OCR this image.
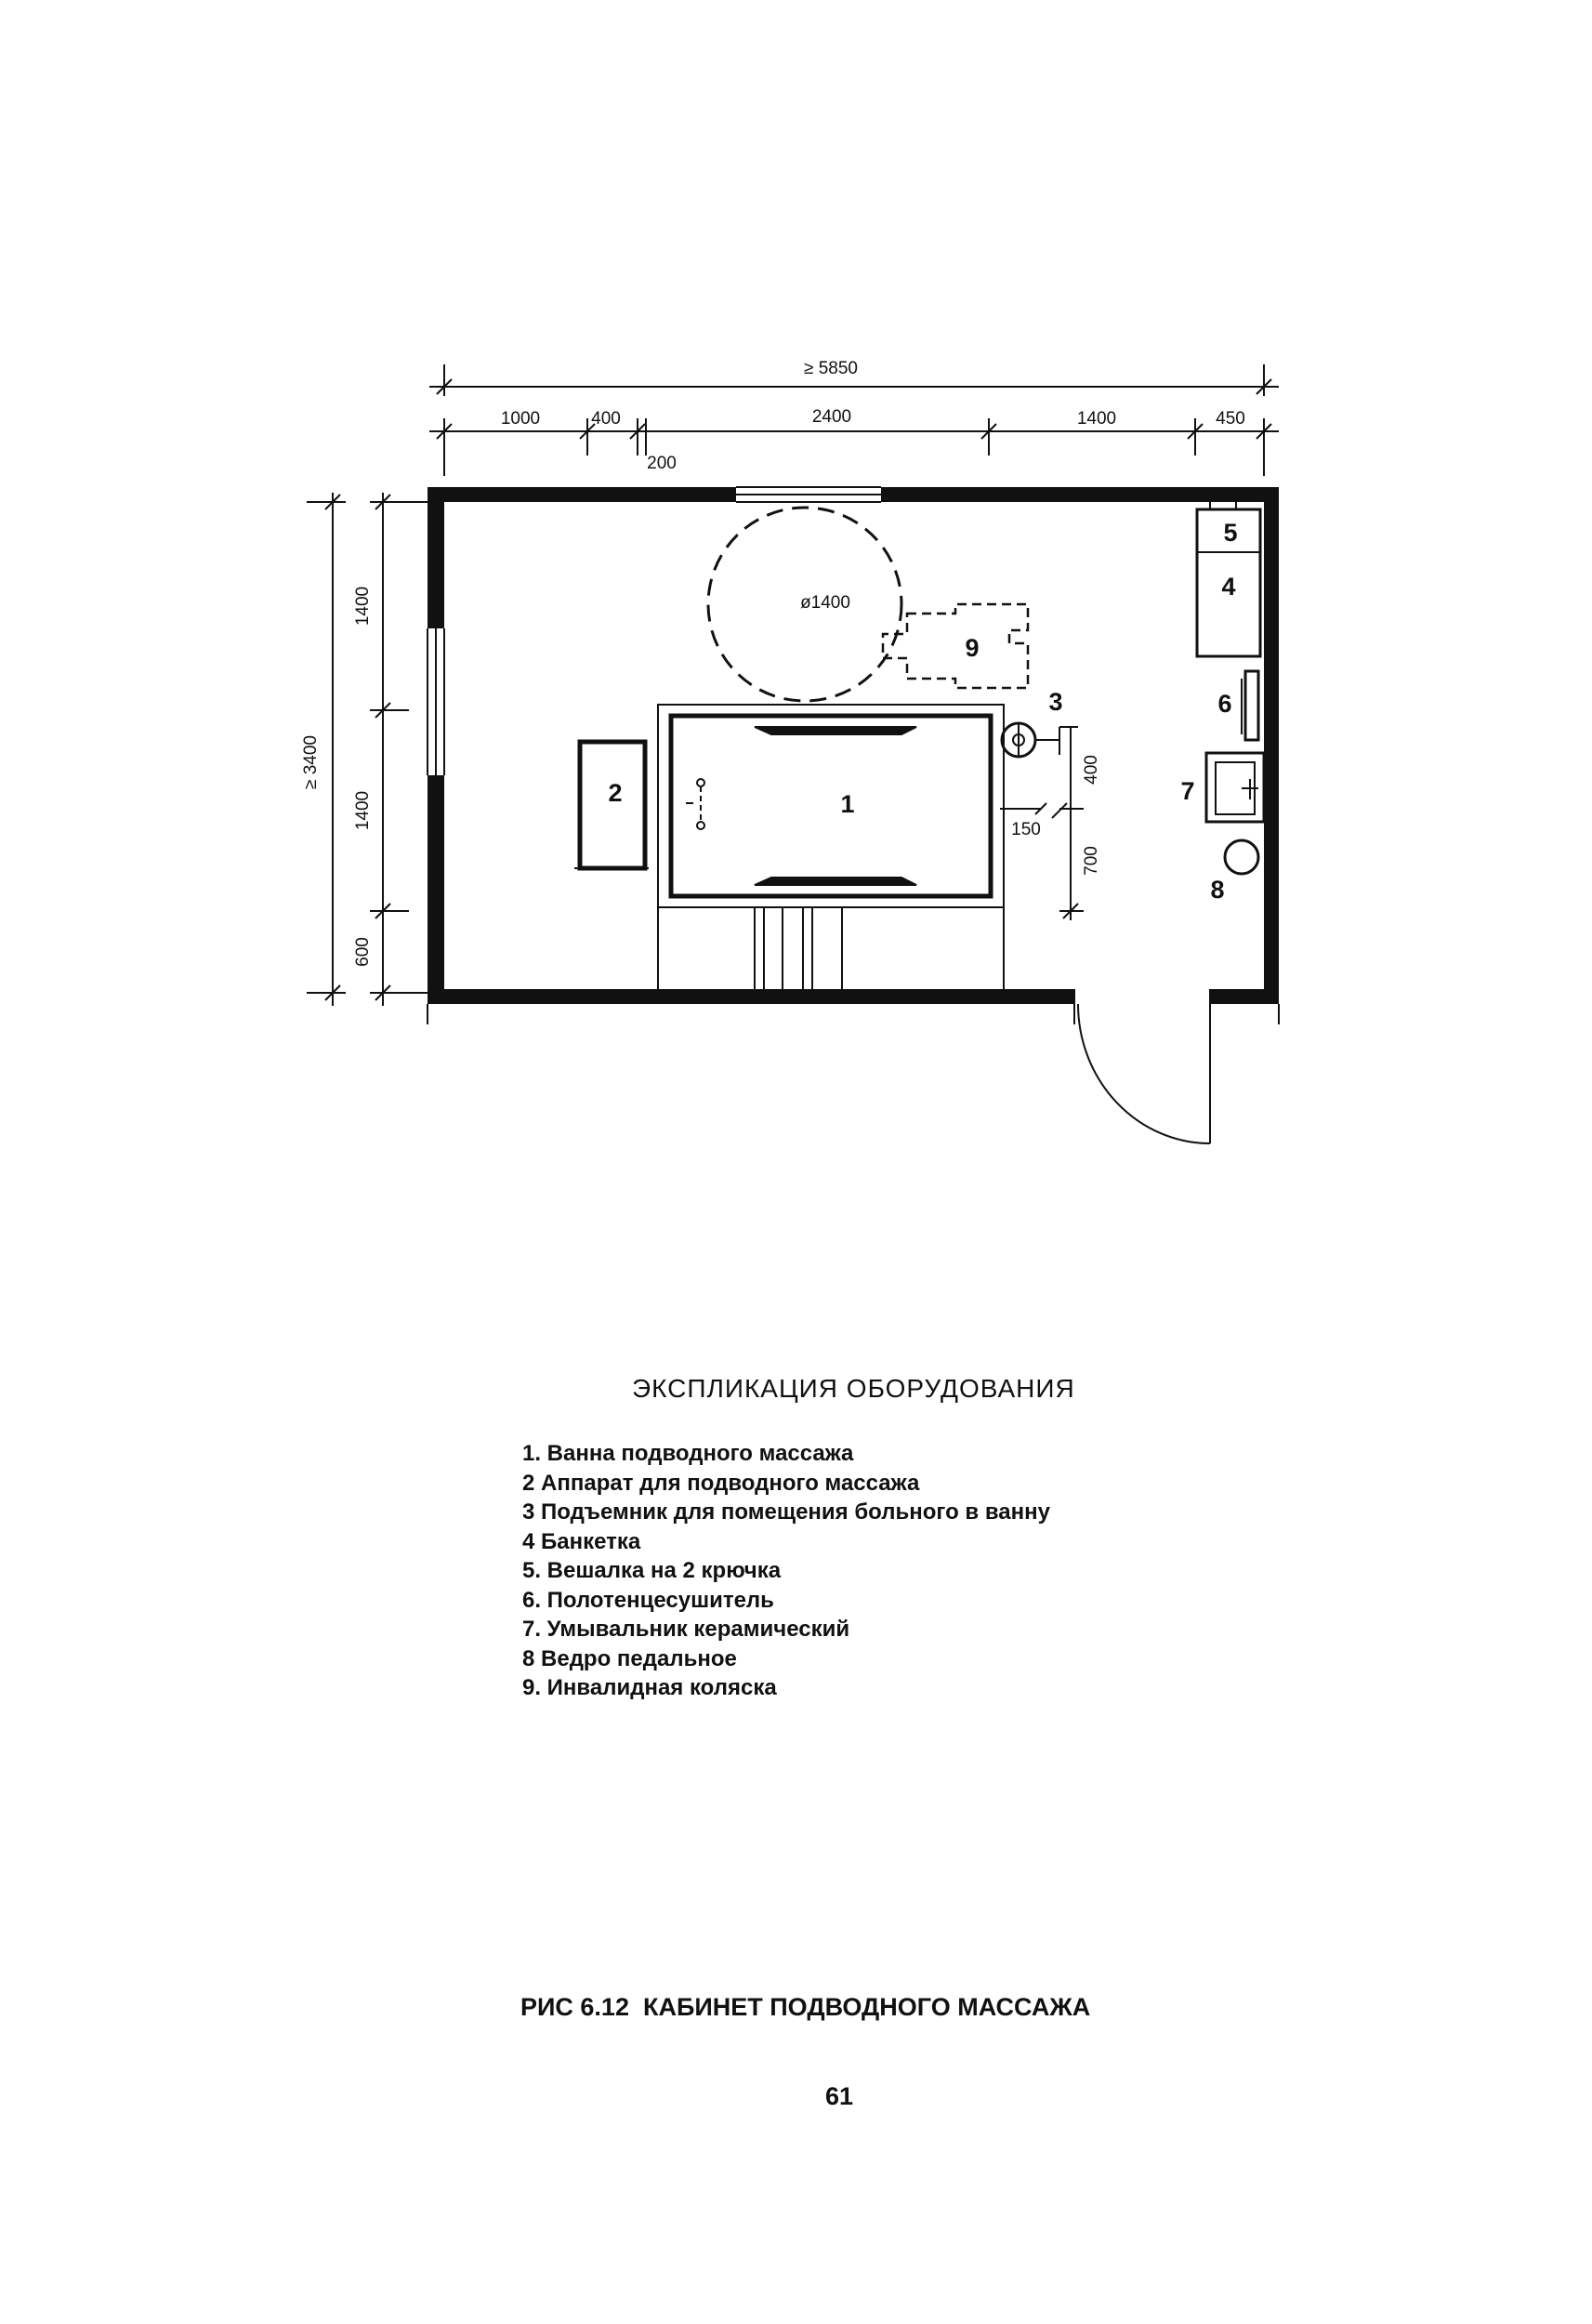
≥ 5850
1000	400	2400	1400	450
200
≥ 3400
1400
1400
600
ø1400
400
150
700
1
2
3
4
5
6
7
8
9
ЭКСПЛИКАЦИЯ ОБОРУДОВАНИЯ
1. Ванна подводного массажа
2 Аппарат для подводного массажа
3 Подъемник для помещения больного в ванну
4 Банкетка
5. Вешалка на 2 крючка
6. Полотенцесушитель
7. Умывальник керамический
8 Ведро педальное
9. Инвалидная коляска
РИС 6.12 КАБИНЕТ ПОДВОДНОГО МАССАЖА
61
